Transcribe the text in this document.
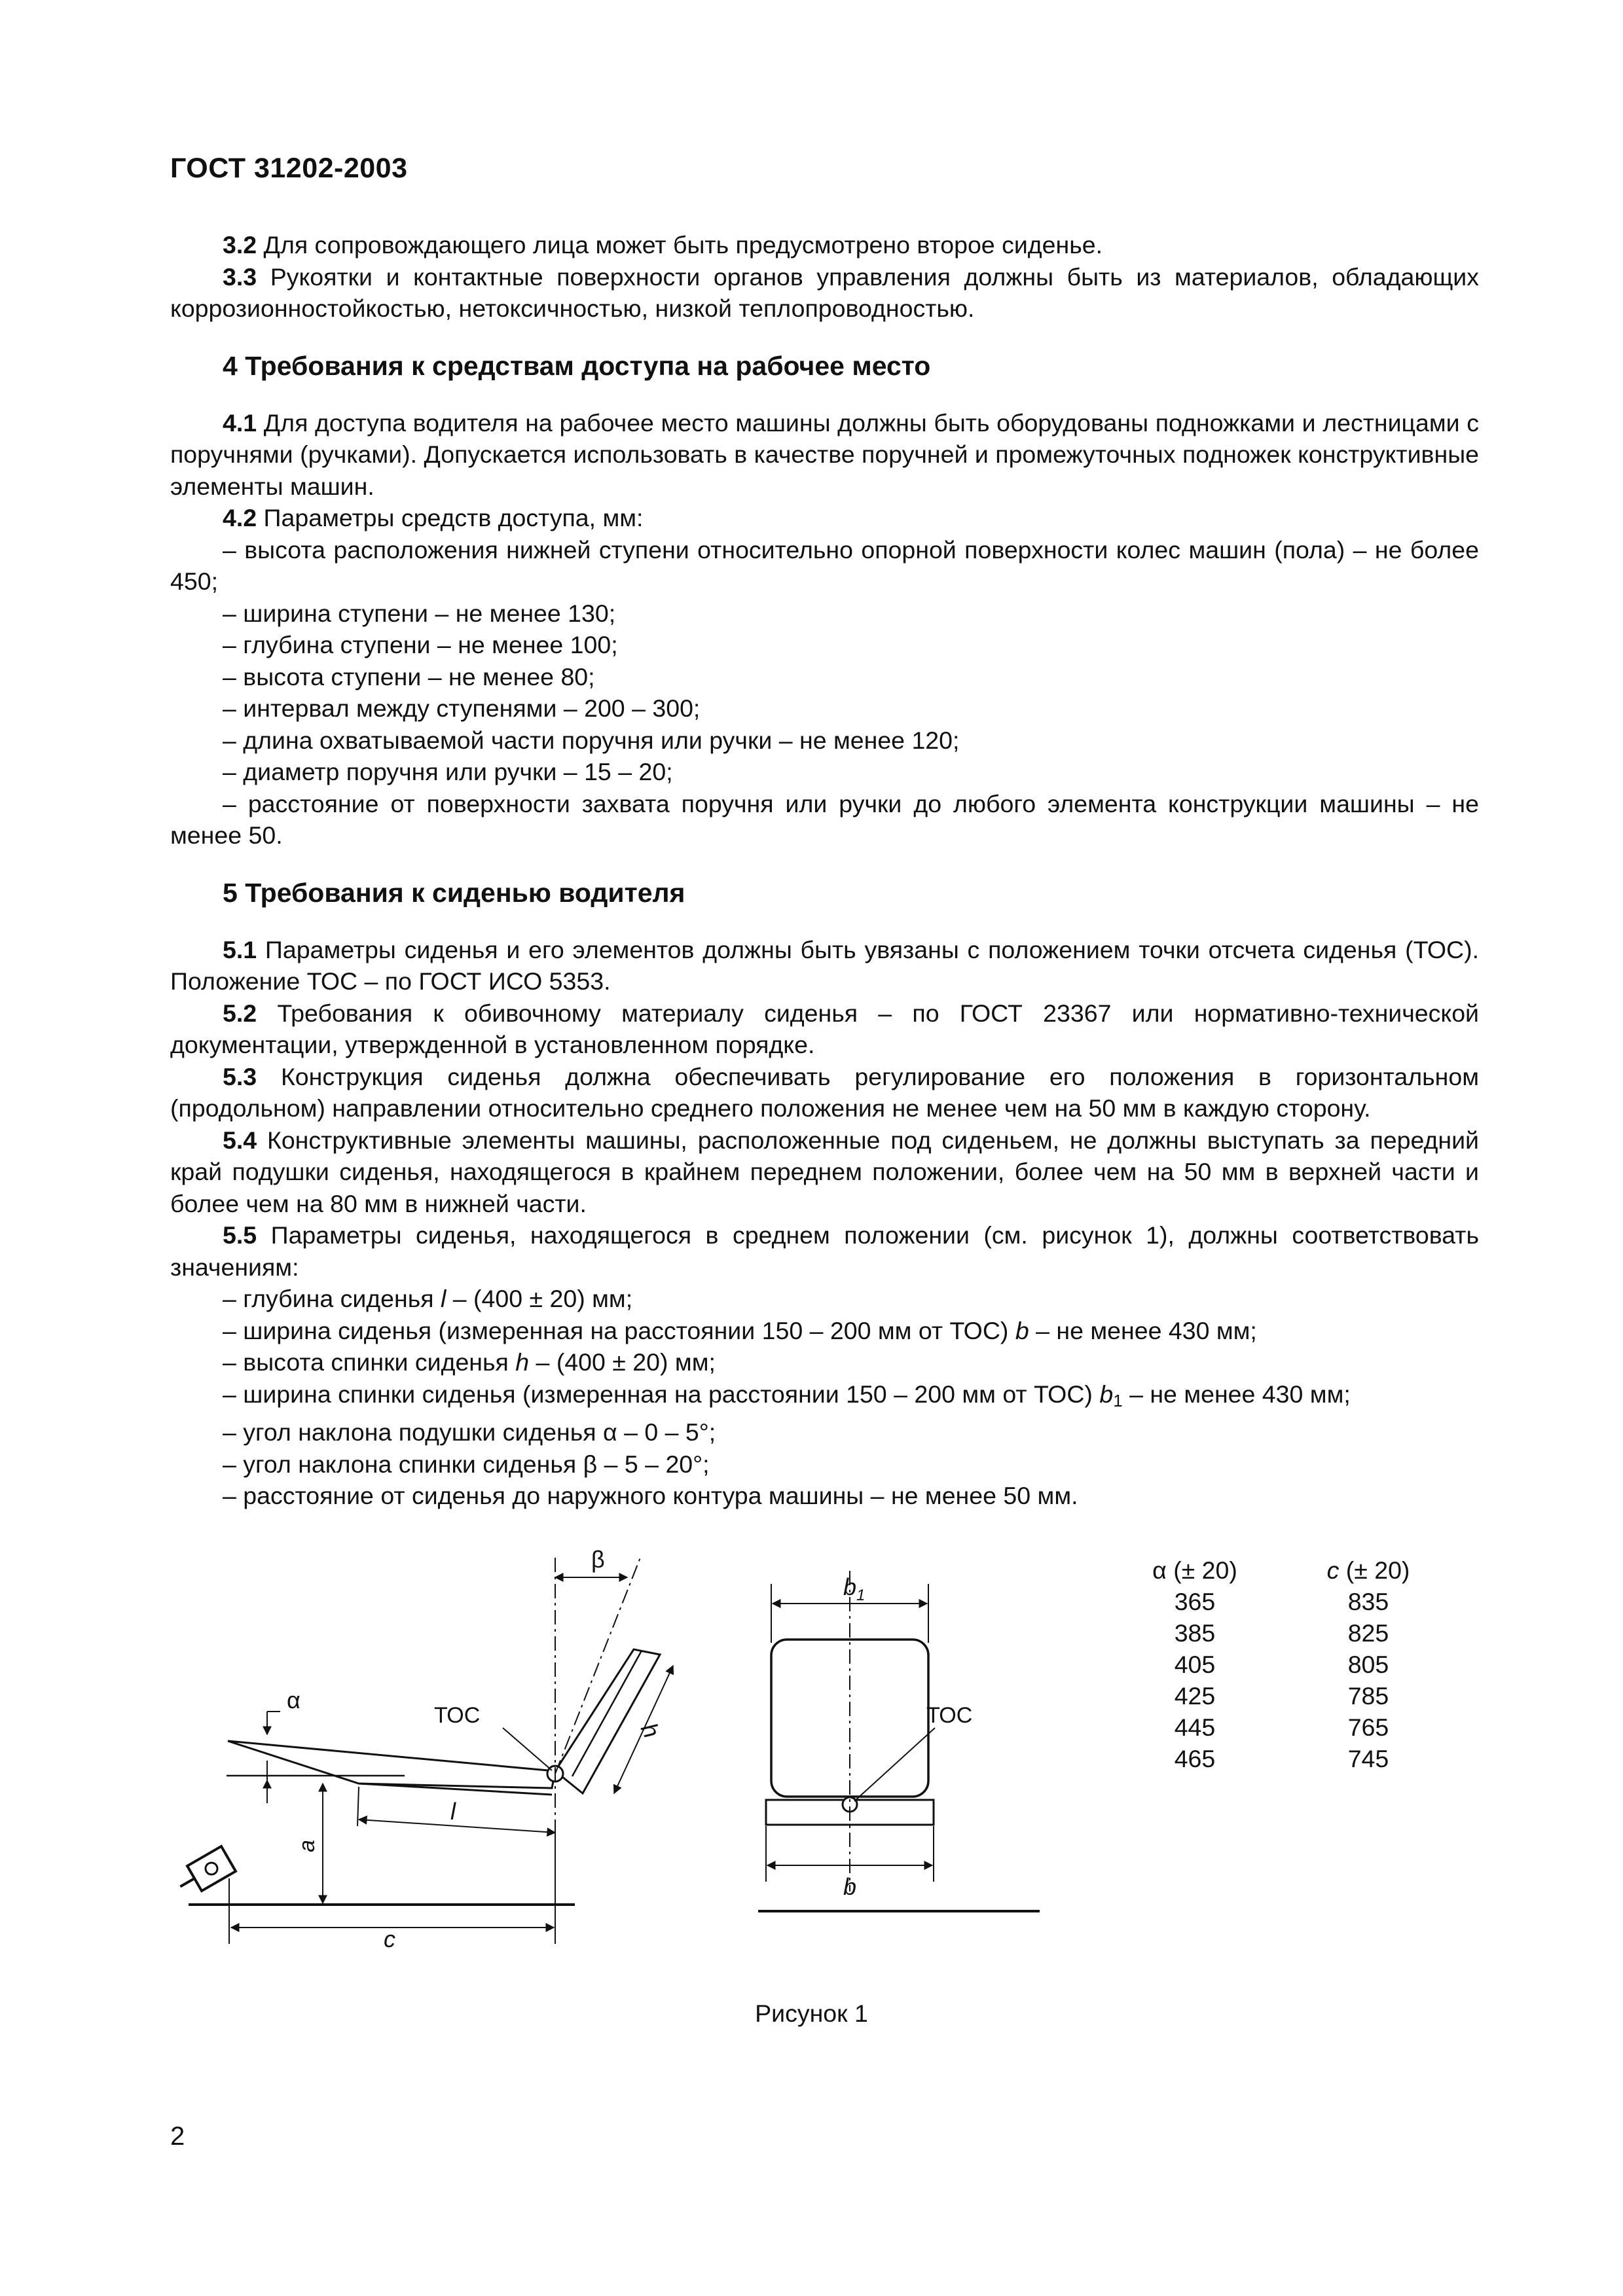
ГОСТ 31202-2003

3.2 Для сопровождающего лица может быть предусмотрено второе сиденье.

3.3 Рукоятки и контактные поверхности органов управления должны быть из материалов, обладающих коррозионностойкостью, нетоксичностью, низкой теплопроводностью.

4 Требования к средствам доступа на рабочее место

4.1 Для доступа водителя на рабочее место машины должны быть оборудованы подножками и лестницами с поручнями (ручками). Допускается использовать в качестве поручней и промежуточных подножек конструктивные элементы машин.

4.2 Параметры средств доступа, мм:

– высота расположения нижней ступени относительно опорной поверхности колес машин (пола) – не более 450;

– ширина ступени – не менее 130;

– глубина ступени – не менее 100;

– высота ступени – не менее 80;

– интервал между ступенями – 200 – 300;

– длина охватываемой части поручня или ручки – не менее 120;

– диаметр поручня или ручки – 15 – 20;

– расстояние от поверхности захвата поручня или ручки до любого элемента конструкции машины – не менее 50.

5 Требования к сиденью водителя

5.1 Параметры сиденья и его элементов должны быть увязаны с положением точки отсчета сиденья (ТОС). Положение ТОС – по ГОСТ ИСО 5353.

5.2 Требования к обивочному материалу сиденья – по ГОСТ 23367 или нормативно-технической документации, утвержденной в установленном порядке.

5.3 Конструкция сиденья должна обеспечивать регулирование его положения в горизонтальном (продольном) направлении относительно среднего положения не менее чем на 50 мм в каждую сторону.

5.4 Конструктивные элементы машины, расположенные под сиденьем, не должны выступать за передний край подушки сиденья, находящегося в крайнем переднем положении, более чем на 50 мм в верхней части и более чем на 80 мм в нижней части.

5.5 Параметры сиденья, находящегося в среднем положении (см. рисунок 1), должны соответствовать значениям:

– глубина сиденья l – (400 ± 20) мм;

– ширина сиденья (измеренная на расстоянии 150 – 200 мм от ТОС) b – не менее 430 мм;

– высота спинки сиденья h – (400 ± 20) мм;

– ширина спинки сиденья (измеренная на расстоянии 150 – 200 мм от ТОС) $b_1$ – не менее 430 мм;

– угол наклона подушки сиденья α – 0 – 5°;

– угол наклона спинки сиденья β – 5 – 20°;

– расстояние от сиденья до наружного контура машины – не менее 50 мм.

β
α
ТОС
h
l
a
c
$b_1$
ТОС
b
α (± 20)	c (± 20)
365	835
385	825
405	805
425	785
445	765
465	745
Рисунок 1
2
